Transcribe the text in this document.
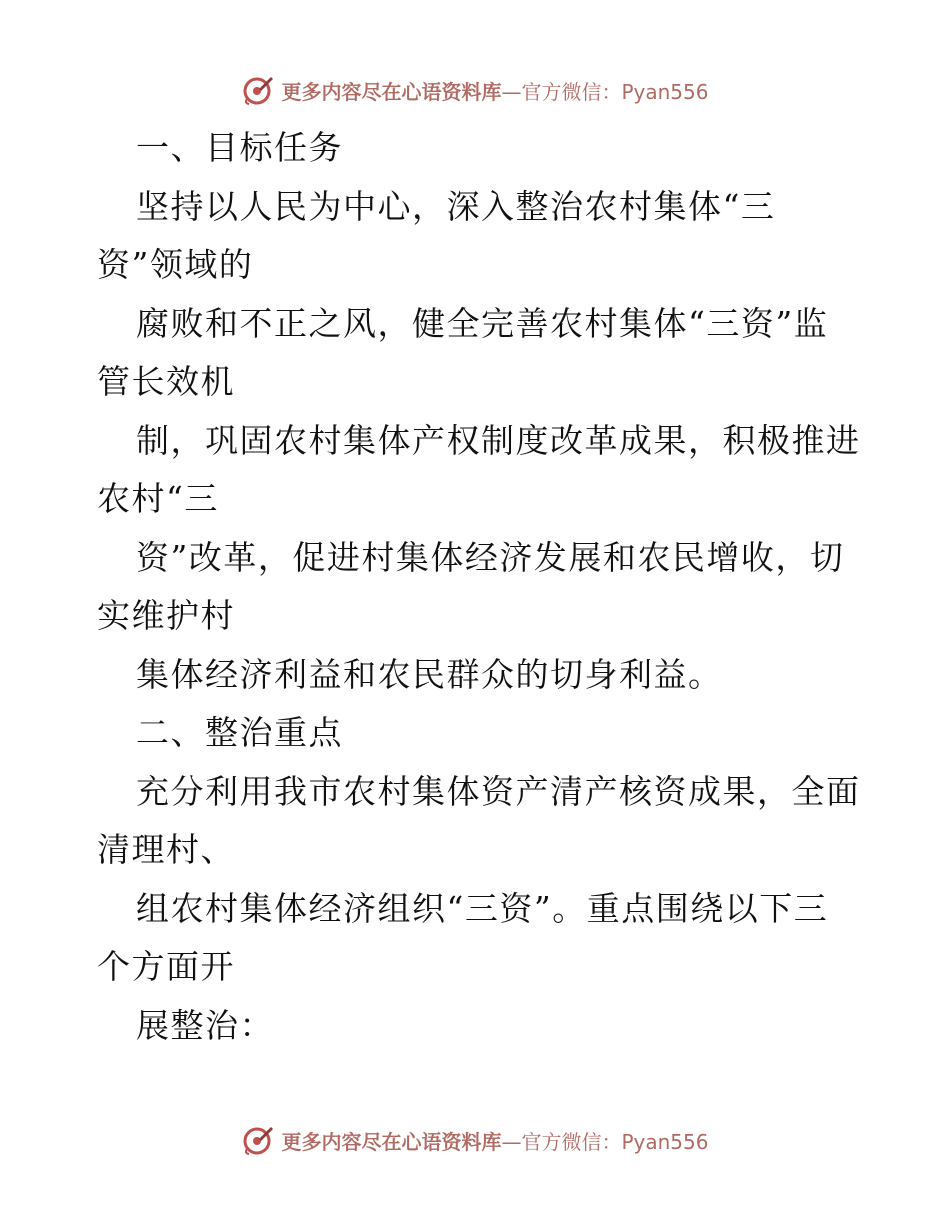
更多内容尽在心语资料库—官方微信：Pyan556
一、目标任务
坚持以人民为中心，深入整治农村集体“三
资”领域的
腐败和不正之风，健全完善农村集体“三资”监
管长效机
制，巩固农村集体产权制度改革成果，积极推进
农村“三
资”改革，促进村集体经济发展和农民增收，切
实维护村
集体经济利益和农民群众的切身利益。
二、整治重点
充分利用我市农村集体资产清产核资成果，全面
清理村、
组农村集体经济组织“三资”。重点围绕以下三
个方面开
展整治：
更多内容尽在心语资料库—官方微信：Pyan556
